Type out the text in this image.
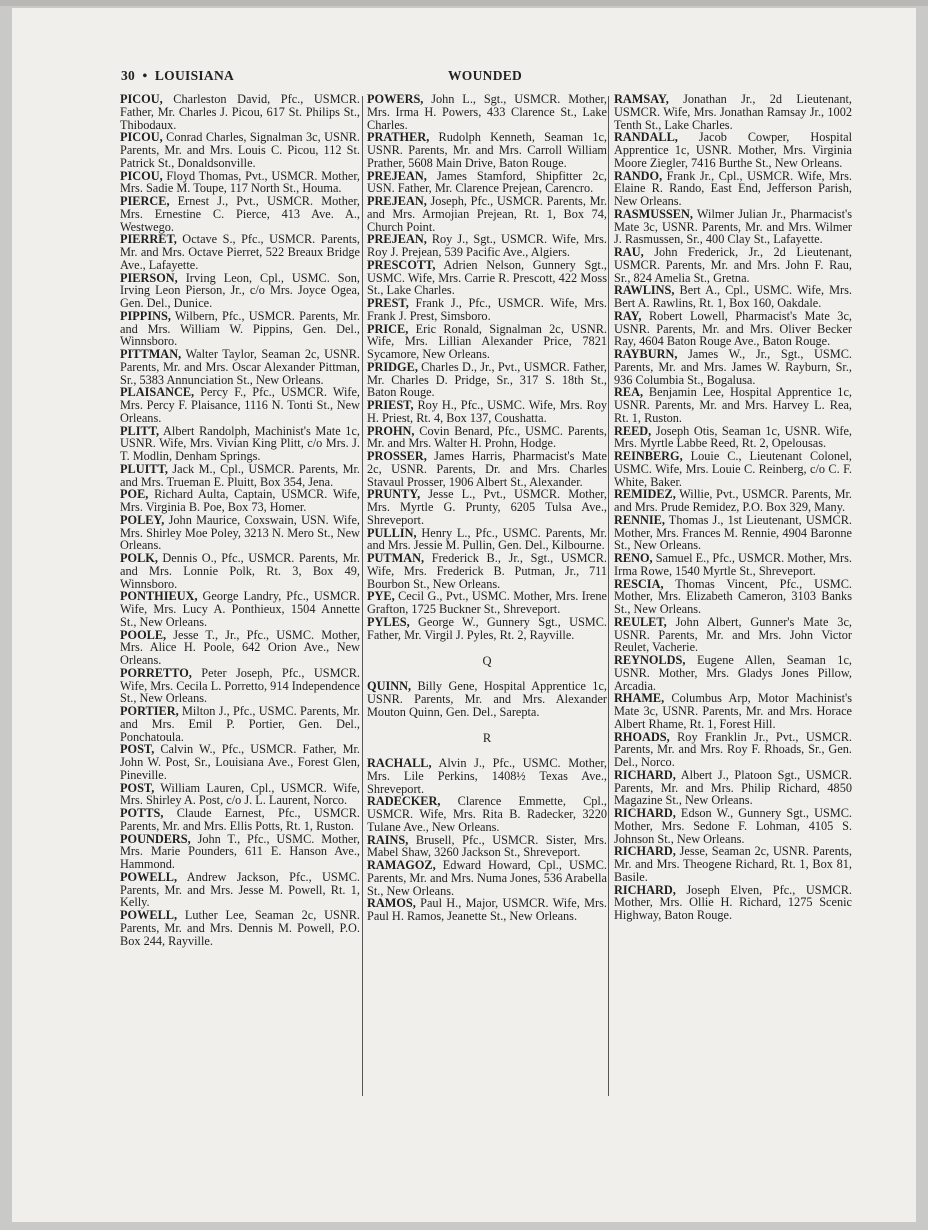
30 • LOUISIANA	WOUNDED

PICOU, Charleston David, Pfc., USMCR. Father, Mr. Charles J. Picou, 617 St. Philips St., Thibodaux.

PICOU, Conrad Charles, Signalman 3c, USNR. Parents, Mr. and Mrs. Louis C. Picou, 112 St. Patrick St., Donaldsonville.

PICOU, Floyd Thomas, Pvt., USMCR. Mother, Mrs. Sadie M. Toupe, 117 North St., Houma.

PIERCE, Ernest J., Pvt., USMCR. Mother, Mrs. Ernestine C. Pierce, 413 Ave. A., Westwego.

PIERRET, Octave S., Pfc., USMCR. Parents, Mr. and Mrs. Octave Pierret, 522 Breaux Bridge Ave., Lafayette.

PIERSON, Irving Leon, Cpl., USMC. Son, Irving Leon Pierson, Jr., c/o Mrs. Joyce Ogea, Gen. Del., Dunice.

PIPPINS, Wilbern, Pfc., USMCR. Parents, Mr. and Mrs. William W. Pippins, Gen. Del., Winnsboro.

PITTMAN, Walter Taylor, Seaman 2c, USNR. Parents, Mr. and Mrs. Oscar Alexander Pittman, Sr., 5383 Annunciation St., New Orleans.

PLAISANCE, Percy F., Pfc., USMCR. Wife, Mrs. Percy F. Plaisance, 1116 N. Tonti St., New Orleans.

PLITT, Albert Randolph, Machinist's Mate 1c, USNR. Wife, Mrs. Vivian King Plitt, c/o Mrs. J. T. Modlin, Denham Springs.

PLUITT, Jack M., Cpl., USMCR. Parents, Mr. and Mrs. Trueman E. Pluitt, Box 354, Jena.

POE, Richard Aulta, Captain, USMCR. Wife, Mrs. Virginia B. Poe, Box 73, Homer.

POLEY, John Maurice, Coxswain, USN. Wife, Mrs. Shirley Moe Poley, 3213 N. Mero St., New Orleans.

POLK, Dennis O., Pfc., USMCR. Parents, Mr. and Mrs. Lonnie Polk, Rt. 3, Box 49, Winnsboro.

PONTHIEUX, George Landry, Pfc., USMCR. Wife, Mrs. Lucy A. Ponthieux, 1504 Annette St., New Orleans.

POOLE, Jesse T., Jr., Pfc., USMC. Mother, Mrs. Alice H. Poole, 642 Orion Ave., New Orleans.

PORRETTO, Peter Joseph, Pfc., USMCR. Wife, Mrs. Cecila L. Porretto, 914 Independence St., New Orleans.

PORTIER, Milton J., Pfc., USMC. Parents, Mr. and Mrs. Emil P. Portier, Gen. Del., Ponchatoula.

POST, Calvin W., Pfc., USMCR. Father, Mr. John W. Post, Sr., Louisiana Ave., Forest Glen, Pineville.

POST, William Lauren, Cpl., USMCR. Wife, Mrs. Shirley A. Post, c/o J. L. Laurent, Norco.

POTTS, Claude Earnest, Pfc., USMCR. Parents, Mr. and Mrs. Ellis Potts, Rt. 1, Ruston.

POUNDERS, John T., Pfc., USMC. Mother, Mrs. Marie Pounders, 611 E. Hanson Ave., Hammond.

POWELL, Andrew Jackson, Pfc., USMC. Parents, Mr. and Mrs. Jesse M. Powell, Rt. 1, Kelly.

POWELL, Luther Lee, Seaman 2c, USNR. Parents, Mr. and Mrs. Dennis M. Powell, P.O. Box 244, Rayville.

POWERS, John L., Sgt., USMCR. Mother, Mrs. Irma H. Powers, 433 Clarence St., Lake Charles.

PRATHER, Rudolph Kenneth, Seaman 1c, USNR. Parents, Mr. and Mrs. Carroll William Prather, 5608 Main Drive, Baton Rouge.

PREJEAN, James Stamford, Shipfitter 2c, USN. Father, Mr. Clarence Prejean, Carencro.

PREJEAN, Joseph, Pfc., USMCR. Parents, Mr. and Mrs. Armojian Prejean, Rt. 1, Box 74, Church Point.

PREJEAN, Roy J., Sgt., USMCR. Wife, Mrs. Roy J. Prejean, 539 Pacific Ave., Algiers.

PRESCOTT, Adrien Nelson, Gunnery Sgt., USMC. Wife, Mrs. Carrie R. Prescott, 422 Moss St., Lake Charles.

PREST, Frank J., Pfc., USMCR. Wife, Mrs. Frank J. Prest, Simsboro.

PRICE, Eric Ronald, Signalman 2c, USNR. Wife, Mrs. Lillian Alexander Price, 7821 Sycamore, New Orleans.

PRIDGE, Charles D., Jr., Pvt., USMCR. Father, Mr. Charles D. Pridge, Sr., 317 S. 18th St., Baton Rouge.

PRIEST, Roy H., Pfc., USMC. Wife, Mrs. Roy H. Priest, Rt. 4, Box 137, Coushatta.

PROHN, Covin Benard, Pfc., USMC. Parents, Mr. and Mrs. Walter H. Prohn, Hodge.

PROSSER, James Harris, Pharmacist's Mate 2c, USNR. Parents, Dr. and Mrs. Charles Stavaul Prosser, 1906 Albert St., Alexander.

PRUNTY, Jesse L., Pvt., USMCR. Mother, Mrs. Myrtle G. Prunty, 6205 Tulsa Ave., Shreveport.

PULLIN, Henry L., Pfc., USMC. Parents, Mr. and Mrs. Jessie M. Pullin, Gen. Del., Kilbourne.

PUTMAN, Frederick B., Jr., Sgt., USMCR. Wife, Mrs. Frederick B. Putman, Jr., 711 Bourbon St., New Orleans.

PYE, Cecil G., Pvt., USMC. Mother, Mrs. Irene Grafton, 1725 Buckner St., Shreveport.

PYLES, George W., Gunnery Sgt., USMC. Father, Mr. Virgil J. Pyles, Rt. 2, Rayville.

Q

QUINN, Billy Gene, Hospital Apprentice 1c, USNR. Parents, Mr. and Mrs. Alexander Mouton Quinn, Gen. Del., Sarepta.

R

RACHALL, Alvin J., Pfc., USMC. Mother, Mrs. Lile Perkins, 1408½ Texas Ave., Shreveport.

RADECKER, Clarence Emmette, Cpl., USMCR. Wife, Mrs. Rita B. Radecker, 3220 Tulane Ave., New Orleans.

RAINS, Brusell, Pfc., USMCR. Sister, Mrs. Mabel Shaw, 3260 Jackson St., Shreveport.

RAMAGOZ, Edward Howard, Cpl., USMC. Parents, Mr. and Mrs. Numa Jones, 536 Arabella St., New Orleans.

RAMOS, Paul H., Major, USMCR. Wife, Mrs. Paul H. Ramos, Jeanette St., New Orleans.

RAMSAY, Jonathan Jr., 2d Lieutenant, USMCR. Wife, Mrs. Jonathan Ramsay Jr., 1002 Tenth St., Lake Charles.

RANDALL, Jacob Cowper, Hospital Apprentice 1c, USNR. Mother, Mrs. Virginia Moore Ziegler, 7416 Burthe St., New Orleans.

RANDO, Frank Jr., Cpl., USMCR. Wife, Mrs. Elaine R. Rando, East End, Jefferson Parish, New Orleans.

RASMUSSEN, Wilmer Julian Jr., Pharmacist's Mate 3c, USNR. Parents, Mr. and Mrs. Wilmer J. Rasmussen, Sr., 400 Clay St., Lafayette.

RAU, John Frederick, Jr., 2d Lieutenant, USMCR. Parents, Mr. and Mrs. John F. Rau, Sr., 824 Amelia St., Gretna.

RAWLINS, Bert A., Cpl., USMC. Wife, Mrs. Bert A. Rawlins, Rt. 1, Box 160, Oakdale.

RAY, Robert Lowell, Pharmacist's Mate 3c, USNR. Parents, Mr. and Mrs. Oliver Becker Ray, 4604 Baton Rouge Ave., Baton Rouge.

RAYBURN, James W., Jr., Sgt., USMC. Parents, Mr. and Mrs. James W. Rayburn, Sr., 936 Columbia St., Bogalusa.

REA, Benjamin Lee, Hospital Apprentice 1c, USNR. Parents, Mr. and Mrs. Harvey L. Rea, Rt. 1, Ruston.

REED, Joseph Otis, Seaman 1c, USNR. Wife, Mrs. Myrtle Labbe Reed, Rt. 2, Opelousas.

REINBERG, Louie C., Lieutenant Colonel, USMC. Wife, Mrs. Louie C. Reinberg, c/o C. F. White, Baker.

REMIDEZ, Willie, Pvt., USMCR. Parents, Mr. and Mrs. Prude Remidez, P.O. Box 329, Many.

RENNIE, Thomas J., 1st Lieutenant, USMCR. Mother, Mrs. Frances M. Rennie, 4904 Baronne St., New Orleans.

RENO, Samuel E., Pfc., USMCR. Mother, Mrs. Irma Rowe, 1540 Myrtle St., Shreveport.

RESCIA, Thomas Vincent, Pfc., USMC. Mother, Mrs. Elizabeth Cameron, 3103 Banks St., New Orleans.

REULET, John Albert, Gunner's Mate 3c, USNR. Parents, Mr. and Mrs. John Victor Reulet, Vacherie.

REYNOLDS, Eugene Allen, Seaman 1c, USNR. Mother, Mrs. Gladys Jones Pillow, Arcadia.

RHAME, Columbus Arp, Motor Machinist's Mate 3c, USNR. Parents, Mr. and Mrs. Horace Albert Rhame, Rt. 1, Forest Hill.

RHOADS, Roy Franklin Jr., Pvt., USMCR. Parents, Mr. and Mrs. Roy F. Rhoads, Sr., Gen. Del., Norco.

RICHARD, Albert J., Platoon Sgt., USMCR. Parents, Mr. and Mrs. Philip Richard, 4850 Magazine St., New Orleans.

RICHARD, Edson W., Gunnery Sgt., USMC. Mother, Mrs. Sedone F. Lohman, 4105 S. Johnson St., New Orleans.

RICHARD, Jesse, Seaman 2c, USNR. Parents, Mr. and Mrs. Theogene Richard, Rt. 1, Box 81, Basile.

RICHARD, Joseph Elven, Pfc., USMCR. Mother, Mrs. Ollie H. Richard, 1275 Scenic Highway, Baton Rouge.
